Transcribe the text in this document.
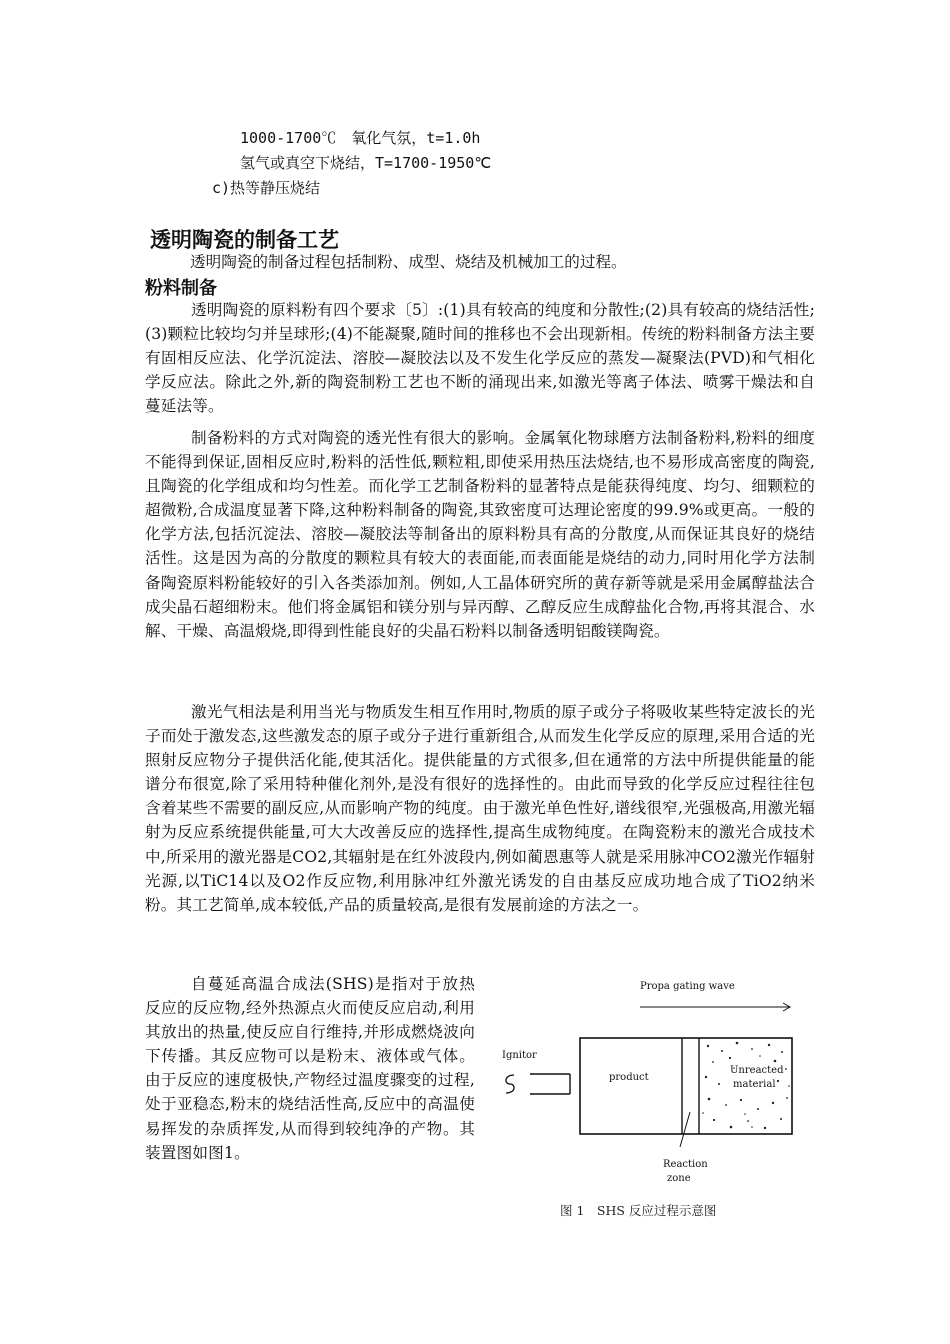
1000-1700℃　氧化气氛，t=1.0h

氢气或真空下烧结，T=1700-1950℃

c)热等静压烧结

透明陶瓷的制备工艺

透明陶瓷的制备过程包括制粉、成型、烧结及机械加工的过程。

粉料制备

透明陶瓷的原料粉有四个要求〔5〕:(1)具有较高的纯度和分散性;(2)具有较高的烧结活性;(3)颗粒比较均匀并呈球形;(4)不能凝聚,随时间的推移也不会出现新相。传统的粉料制备方法主要有固相反应法、化学沉淀法、溶胶—凝胶法以及不发生化学反应的蒸发—凝聚法(PVD)和气相化学反应法。除此之外,新的陶瓷制粉工艺也不断的涌现出来,如激光等离子体法、喷雾干燥法和自蔓延法等。

制备粉料的方式对陶瓷的透光性有很大的影响。金属氧化物球磨方法制备粉料,粉料的细度不能得到保证,固相反应时,粉料的活性低,颗粒粗,即使采用热压法烧结,也不易形成高密度的陶瓷,且陶瓷的化学组成和均匀性差。而化学工艺制备粉料的显著特点是能获得纯度、均匀、细颗粒的超微粉,合成温度显著下降,这种粉料制备的陶瓷,其致密度可达理论密度的99.9%或更高。一般的化学方法,包括沉淀法、溶胶—凝胶法等制备出的原料粉具有高的分散度,从而保证其良好的烧结活性。这是因为高的分散度的颗粒具有较大的表面能,而表面能是烧结的动力,同时用化学方法制备陶瓷原料粉能较好的引入各类添加剂。例如,人工晶体研究所的黄存新等就是采用金属醇盐法合成尖晶石超细粉末。他们将金属铝和镁分别与异丙醇、乙醇反应生成醇盐化合物,再将其混合、水解、干燥、高温煅烧,即得到性能良好的尖晶石粉料以制备透明铝酸镁陶瓷。

激光气相法是利用当光与物质发生相互作用时,物质的原子或分子将吸收某些特定波长的光子而处于激发态,这些激发态的原子或分子进行重新组合,从而发生化学反应的原理,采用合适的光照射反应物分子提供活化能,使其活化。提供能量的方式很多,但在通常的方法中所提供能量的能谱分布很宽,除了采用特种催化剂外,是没有很好的选择性的。由此而导致的化学反应过程往往包含着某些不需要的副反应,从而影响产物的纯度。由于激光单色性好,谱线很窄,光强极高,用激光辐射为反应系统提供能量,可大大改善反应的选择性,提高生成物纯度。在陶瓷粉末的激光合成技术中,所采用的激光器是CO2,其辐射是在红外波段内,例如蔺恩惠等人就是采用脉冲CO2激光作辐射光源,以TiC14以及O2作反应物,利用脉冲红外激光诱发的自由基反应成功地合成了TiO2纳米粉。其工艺简单,成本较低,产品的质量较高,是很有发展前途的方法之一。

自蔓延高温合成法(SHS)是指对于放热反应的反应物,经外热源点火而使反应启动,利用其放出的热量,使反应自行维持,并形成燃烧波向下传播。其反应物可以是粉末、液体或气体。由于反应的速度极快,产物经过温度骤变的过程,处于亚稳态,粉末的烧结活性高,反应中的高温使易挥发的杂质挥发,从而得到较纯净的产物。其装置图如图1。

Propa gating wave
Ignitor
product
Unreacted
material
Reaction
zone
图 1　SHS 反应过程示意图
